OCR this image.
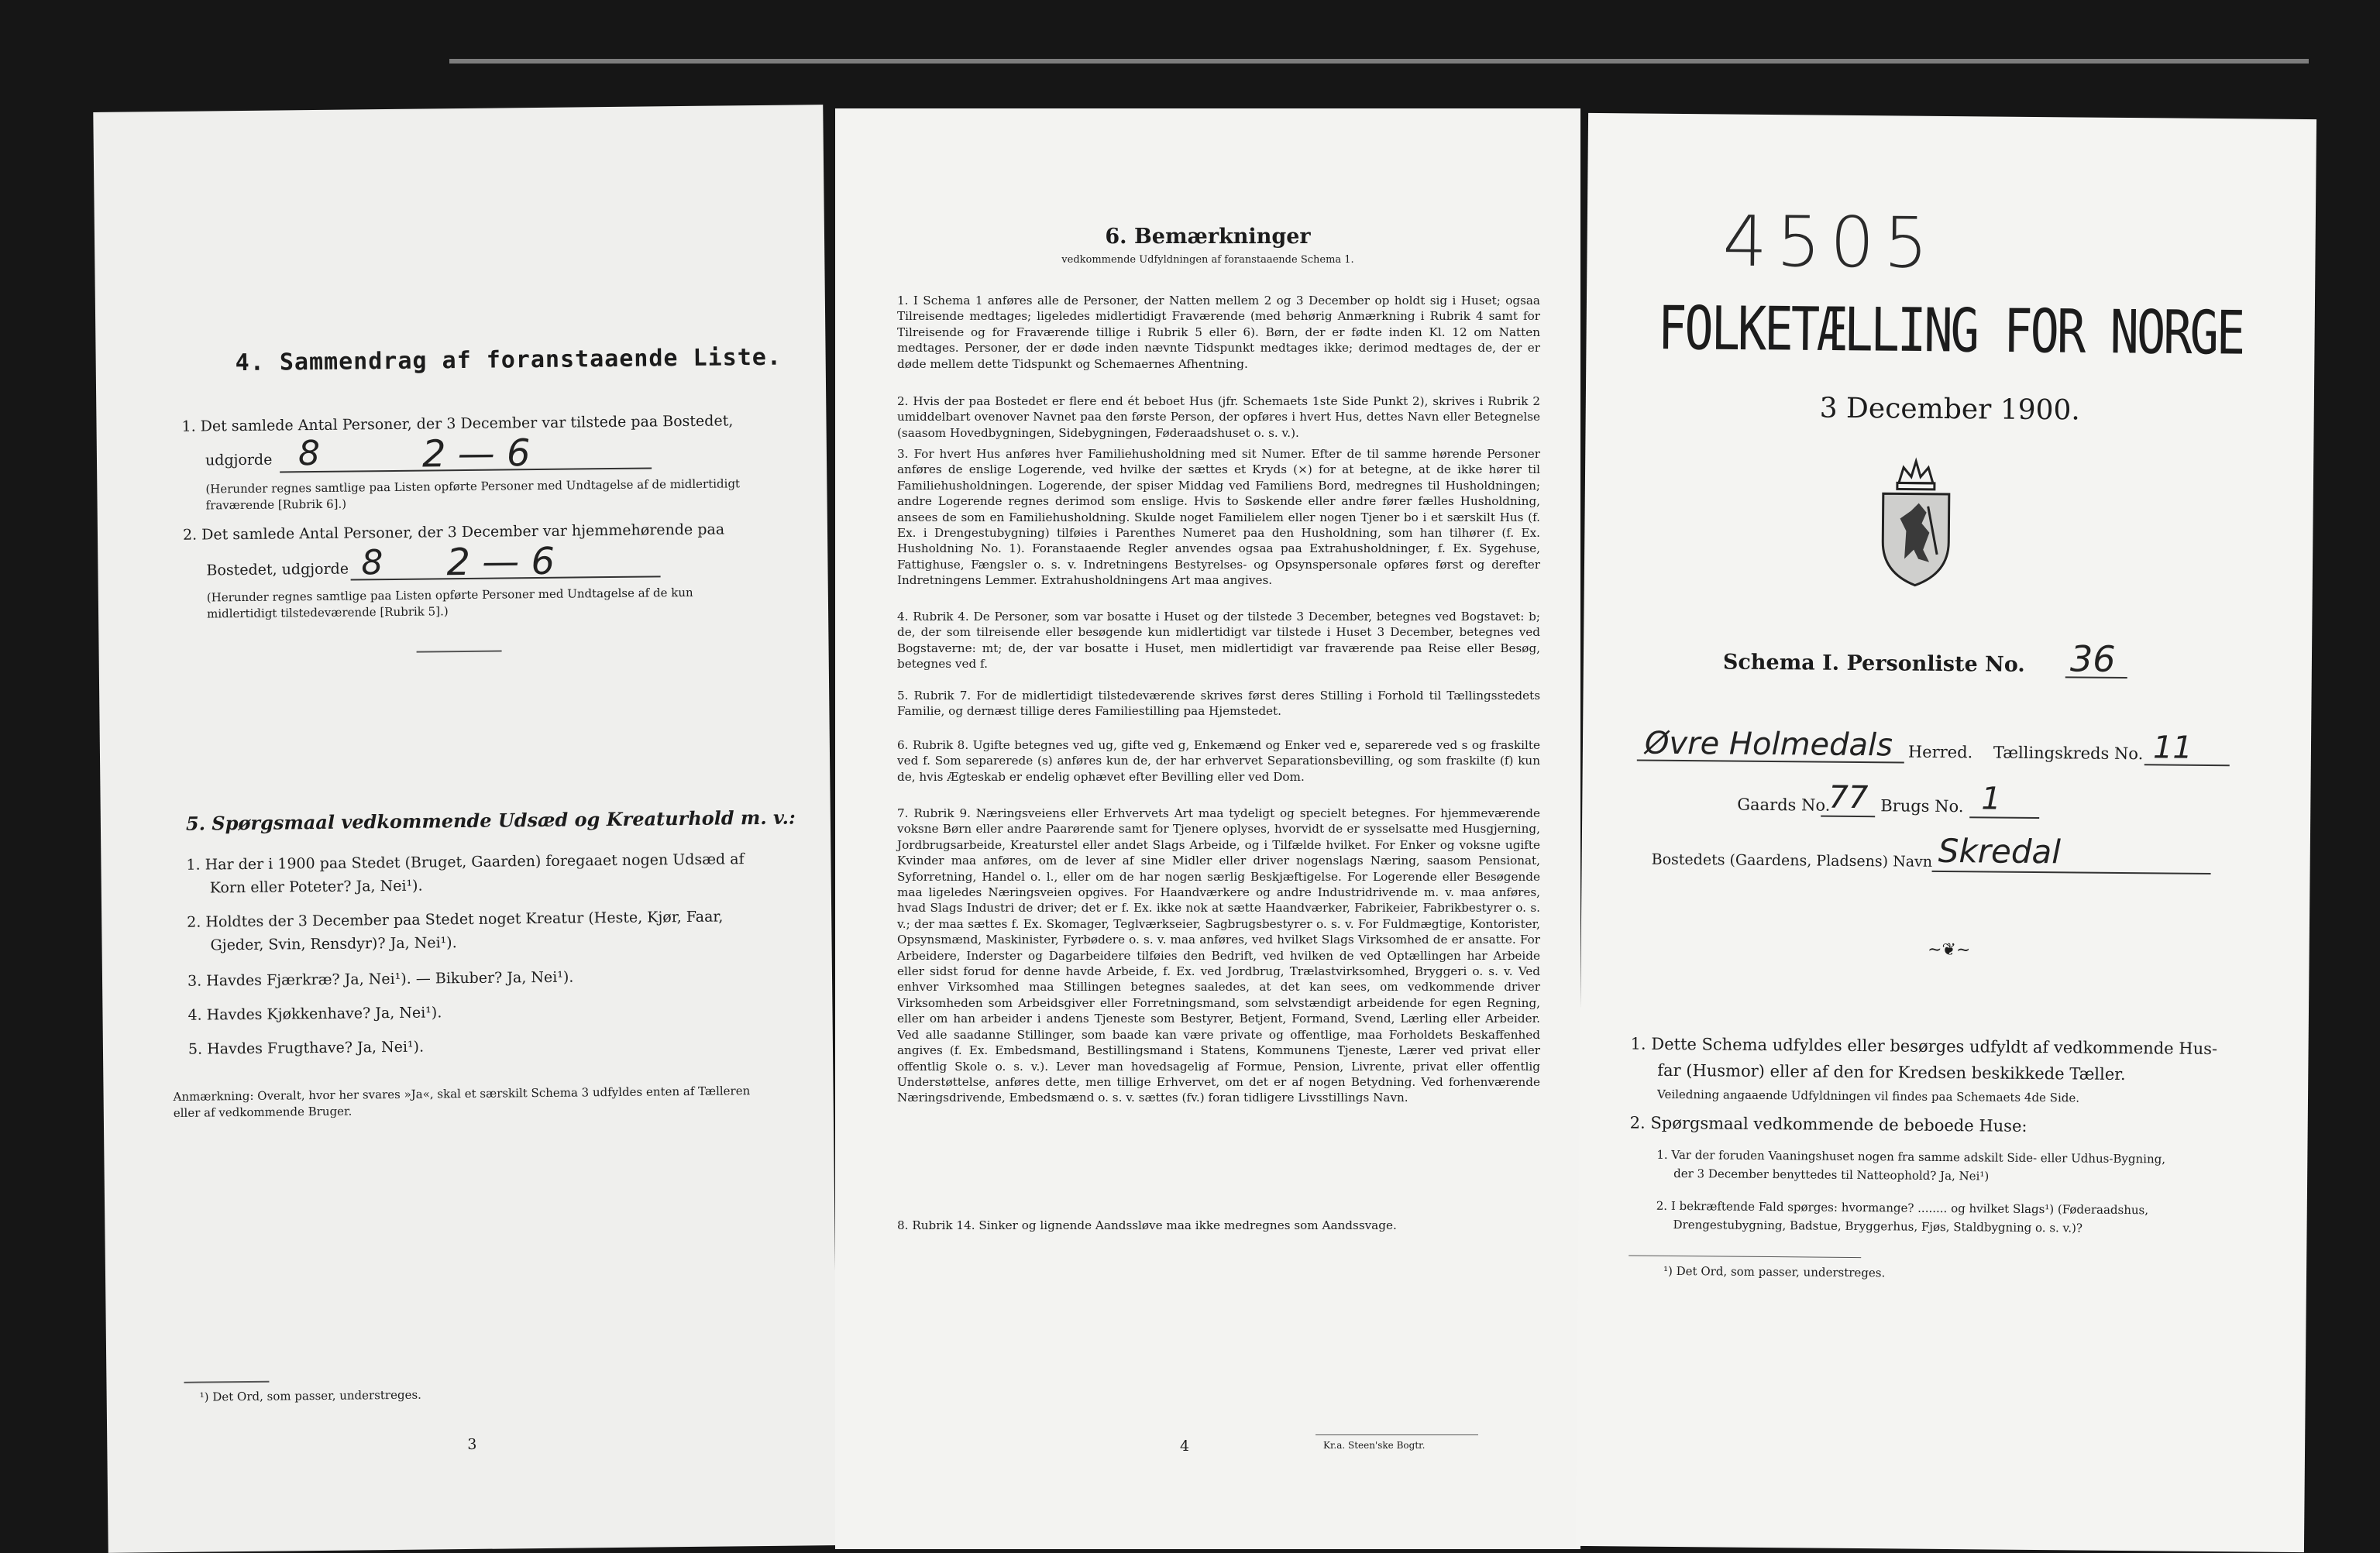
4. Sammendrag af foranstaaende Liste.
1. Det samlede Antal Personer, der 3 December var tilstede paa Bostedet,
udgjorde 8	2 — 6
(Herunder regnes samtlige paa Listen opførte Personer med Undtagelse af de midlertidigt fraværende [Rubrik 6].)
2. Det samlede Antal Personer, der 3 December var hjemmehørende paa
Bostedet, udgjorde 8 2 — 6
(Herunder regnes samtlige paa Listen opførte Personer med Undtagelse af de kun midlertidigt tilstedeværende [Rubrik 5].)
5. Spørgsmaal vedkommende Udsæd og Kreaturhold m. v.:
1. Har der i 1900 paa Stedet (Bruget, Gaarden) foregaaet nogen Udsæd af
Korn eller Poteter? Ja, Nei¹).
2. Holdtes der 3 December paa Stedet noget Kreatur (Heste, Kjør, Faar,
Gjeder, Svin, Rensdyr)? Ja, Nei¹).
3. Havdes Fjærkræ? Ja, Nei¹). — Bikuber? Ja, Nei¹).
4. Havdes Kjøkkenhave? Ja, Nei¹).
5. Havdes Frugthave? Ja, Nei¹).
Anmærkning: Overalt, hvor her svares »Ja«, skal et særskilt Schema 3 udfyldes enten af Tælleren eller af vedkommende Bruger.
¹) Det Ord, som passer, understreges.
3
6. Bemærkninger
vedkommende Udfyldningen af foranstaaende Schema 1.
1. I Schema 1 anføres alle de Personer, der Natten mellem 2 og 3 December op holdt sig i Huset; ogsaa Tilreisende medtages; ligeledes midlertidigt Fraværende (med behørig Anmærkning i Rubrik 4 samt for Tilreisende og for Fraværende tillige i Rubrik 5 eller 6). Børn, der er fødte inden Kl. 12 om Natten medtages. Personer, der er døde inden nævnte Tidspunkt medtages ikke; derimod medtages de, der er døde mellem dette Tidspunkt og Schemaernes Afhentning.
2. Hvis der paa Bostedet er flere end ét beboet Hus (jfr. Schemaets 1ste Side Punkt 2), skrives i Rubrik 2 umiddelbart ovenover Navnet paa den første Person, der opføres i hvert Hus, dettes Navn eller Betegnelse (saasom Hovedbygningen, Sidebygningen, Føderaadshuset o. s. v.).
3. For hvert Hus anføres hver Familiehusholdning med sit Numer. Efter de til samme hørende Personer anføres de enslige Logerende, ved hvilke der sættes et Kryds (×) for at betegne, at de ikke hører til Familiehusholdningen. Logerende, der spiser Middag ved Familiens Bord, medregnes til Husholdningen; andre Logerende regnes derimod som enslige. Hvis to Søskende eller andre fører fælles Husholdning, ansees de som en Familiehusholdning. Skulde noget Familielem eller nogen Tjener bo i et særskilt Hus (f. Ex. i Drengestubygning) tilføies i Parenthes Numeret paa den Husholdning, som han tilhører (f. Ex. Husholdning No. 1). Foranstaaende Regler anvendes ogsaa paa Extrahusholdninger, f. Ex. Sygehuse, Fattighuse, Fængsler o. s. v. Indretningens Bestyrelses- og Opsynspersonale opføres først og derefter Indretningens Lemmer. Extrahusholdningens Art maa angives.
4. Rubrik 4. De Personer, som var bosatte i Huset og der tilstede 3 December, betegnes ved Bogstavet: b; de, der som tilreisende eller besøgende kun midlertidigt var tilstede i Huset 3 December, betegnes ved Bogstaverne: mt; de, der var bosatte i Huset, men midlertidigt var fraværende paa Reise eller Besøg, betegnes ved f.
5. Rubrik 7. For de midlertidigt tilstedeværende skrives først deres Stilling i Forhold til Tællingsstedets Familie, og dernæst tillige deres Familiestilling paa Hjemstedet.
6. Rubrik 8. Ugifte betegnes ved ug, gifte ved g, Enkemænd og Enker ved e, separerede ved s og fraskilte ved f. Som separerede (s) anføres kun de, der har erhvervet Separationsbevilling, og som fraskilte (f) kun de, hvis Ægteskab er endelig ophævet efter Bevilling eller ved Dom.
7. Rubrik 9. Næringsveiens eller Erhvervets Art maa tydeligt og specielt betegnes. For hjemmeværende voksne Børn eller andre Paarørende samt for Tjenere oplyses, hvorvidt de er sysselsatte med Husgjerning, Jordbrugsarbeide, Kreaturstel eller andet Slags Arbeide, og i Tilfælde hvilket. For Enker og voksne ugifte Kvinder maa anføres, om de lever af sine Midler eller driver nogenslags Næring, saasom Pensionat, Syforretning, Handel o. l., eller om de har nogen særlig Beskjæftigelse. For Logerende eller Besøgende maa ligeledes Næringsveien opgives. For Haandværkere og andre Industridrivende m. v. maa anføres, hvad Slags Industri de driver; det er f. Ex. ikke nok at sætte Haandværker, Fabrikeier, Fabrikbestyrer o. s. v.; der maa sættes f. Ex. Skomager, Teglværkseier, Sagbrugsbestyrer o. s. v. For Fuldmægtige, Kontorister, Opsynsmænd, Maskinister, Fyrbødere o. s. v. maa anføres, ved hvilket Slags Virksomhed de er ansatte. For Arbeidere, Inderster og Dagarbeidere tilføies den Bedrift, ved hvilken de ved Optællingen har Arbeide eller sidst forud for denne havde Arbeide, f. Ex. ved Jordbrug, Trælastvirksomhed, Bryggeri o. s. v. Ved enhver Virksomhed maa Stillingen betegnes saaledes, at det kan sees, om vedkommende driver Virksomheden som Arbeidsgiver eller Forretningsmand, som selvstændigt arbeidende for egen Regning, eller om han arbeider i andens Tjeneste som Bestyrer, Betjent, Formand, Svend, Lærling eller Arbeider. Ved alle saadanne Stillinger, som baade kan være private og offentlige, maa Forholdets Beskaffenhed angives (f. Ex. Embedsmand, Bestillingsmand i Statens, Kommunens Tjeneste, Lærer ved privat eller offentlig Skole o. s. v.). Lever man hovedsagelig af Formue, Pension, Livrente, privat eller offentlig Understøttelse, anføres dette, men tillige Erhvervet, om det er af nogen Betydning. Ved forhenværende Næringsdrivende, Embedsmænd o. s. v. sættes (fv.) foran tidligere Livsstillings Navn.
8. Rubrik 14. Sinker og lignende Aandssløve maa ikke medregnes som Aandssvage.
4	Kr.a. Steen'ske Bogtr.
4505
FOLKETÆLLING FOR NORGE
3 December 1900.
Schema I. Personliste No. 36
Øvre Holmedals Herred. Tællingskreds No. 11
Gaards No.
77 Brugs No. 1
Bostedets (Gaardens, Pladsens) Navn Skredal
~❦~
1. Dette Schema udfyldes eller besørges udfyldt af vedkommende Hus-
far (Husmor) eller af den for Kredsen beskikkede Tæller.
Veiledning angaaende Udfyldningen vil findes paa Schemaets 4de Side.
2. Spørgsmaal vedkommende de beboede Huse:
1. Var der foruden Vaaningshuset nogen fra samme adskilt Side- eller Udhus-Bygning,
der 3 December benyttedes til Natteophold? Ja, Nei¹)
2. I bekræftende Fald spørges: hvormange? ........ og hvilket Slags¹) (Føderaadshus,
Drengestubygning, Badstue, Bryggerhus, Fjøs, Staldbygning o. s. v.)?
¹) Det Ord, som passer, understreges.
